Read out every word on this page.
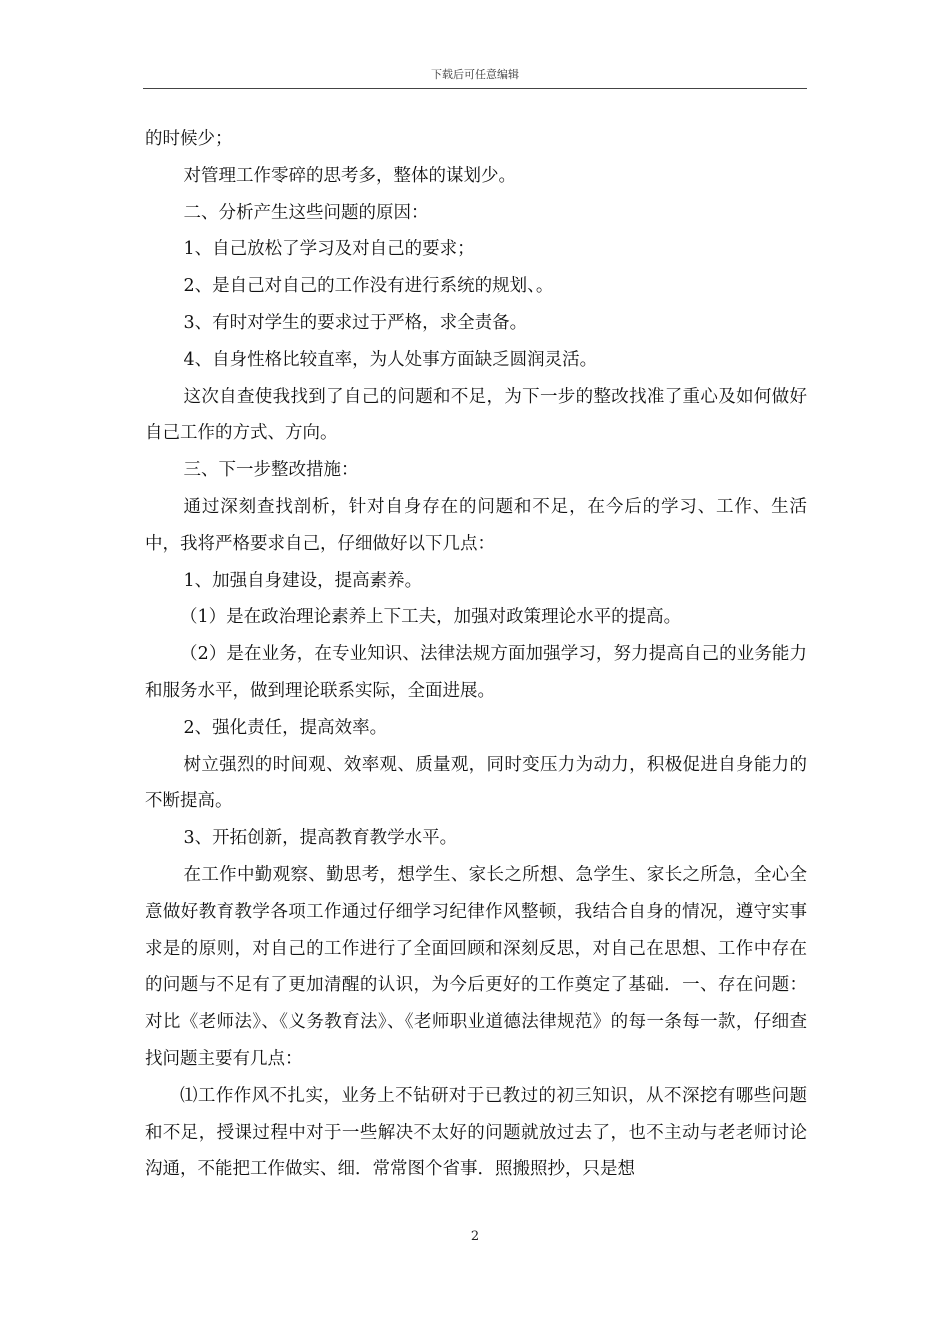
下载后可任意编辑

的时候少；

对管理工作零碎的思考多，整体的谋划少。

二、分析产生这些问题的原因：

1、自己放松了学习及对自己的要求；

2、是自己对自己的工作没有进行系统的规划、。

3、有时对学生的要求过于严格，求全责备。

4、自身性格比较直率，为人处事方面缺乏圆润灵活。

这次自查使我找到了自己的问题和不足，为下一步的整改找准了重心及如何做好自己工作的方式、方向。

三、下一步整改措施：

通过深刻查找剖析，针对自身存在的问题和不足，在今后的学习、工作、生活中，我将严格要求自己，仔细做好以下几点：

1、加强自身建设，提高素养。

（1）是在政治理论素养上下工夫，加强对政策理论水平的提高。

（2）是在业务，在专业知识、法律法规方面加强学习，努力提高自己的业务能力和服务水平，做到理论联系实际，全面进展。

2、强化责任，提高效率。

树立强烈的时间观、效率观、质量观，同时变压力为动力，积极促进自身能力的不断提高。

3、开拓创新，提高教育教学水平。

在工作中勤观察、勤思考，想学生、家长之所想、急学生、家长之所急，全心全意做好教育教学各项工作通过仔细学习纪律作风整顿，我结合自身的情况，遵守实事求是的原则，对自己的工作进行了全面回顾和深刻反思，对自己在思想、工作中存在的问题与不足有了更加清醒的认识，为今后更好的工作奠定了基础．一、存在问题：对比《老师法》、《义务教育法》、《老师职业道德法律规范》的每一条每一款，仔细查找问题主要有几点：

⑴工作作风不扎实，业务上不钻研对于已教过的初三知识，从不深挖有哪些问题和不足，授课过程中对于一些解决不太好的问题就放过去了，也不主动与老老师讨论沟通，不能把工作做实、细．常常图个省事．照搬照抄，只是想

2
